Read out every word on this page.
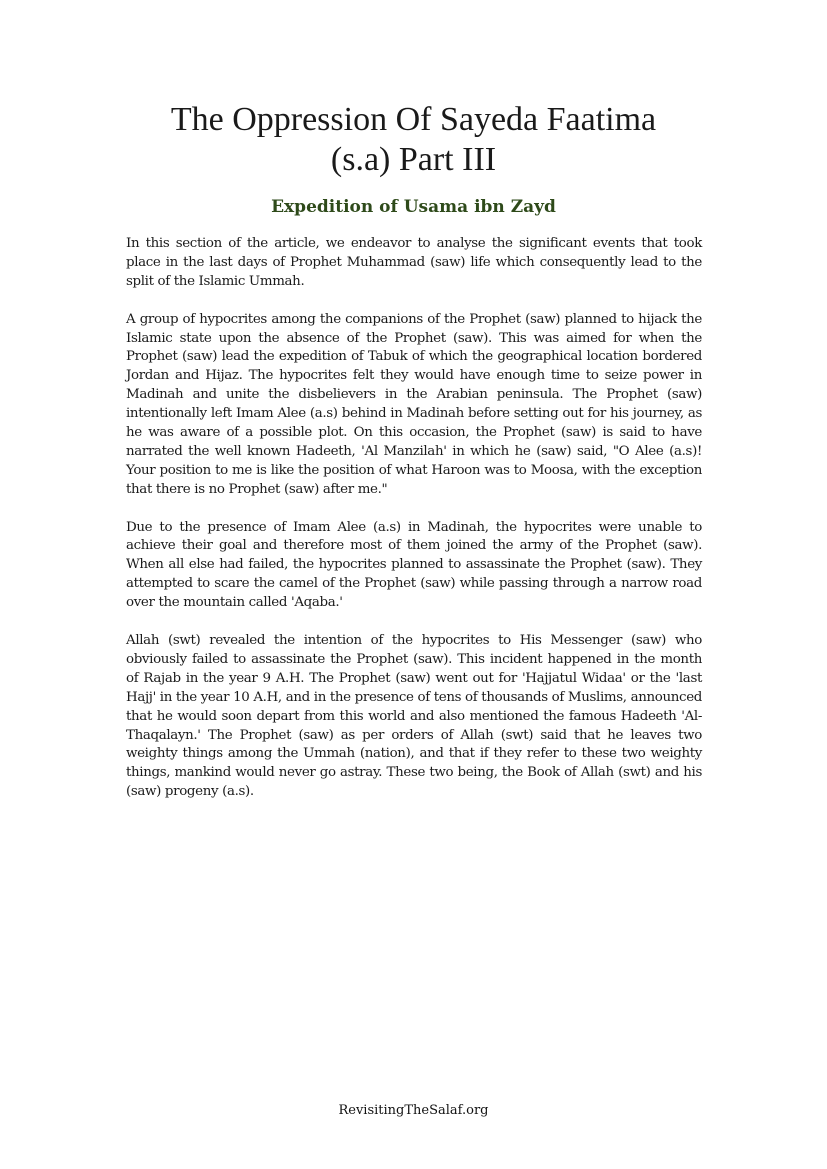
The Oppression Of Sayeda Faatima
(s.a) Part III
Expedition of Usama ibn Zayd

In this section of the article, we endeavor to analyse the significant events that took place in the last days of Prophet Muhammad (saw) life which consequently lead to the split of the Islamic Ummah.

A group of hypocrites among the companions of the Prophet (saw) planned to hijack the Islamic state upon the absence of the Prophet (saw). This was aimed for when the Prophet (saw) lead the expedition of Tabuk of which the geographical location bordered Jordan and Hijaz. The hypocrites felt they would have enough time to seize power in Madinah and unite the disbelievers in the Arabian peninsula. The Prophet (saw) intentionally left Imam Alee (a.s) behind in Madinah before setting out for his journey, as he was aware of a possible plot. On this occasion, the Prophet (saw) is said to have narrated the well known Hadeeth, 'Al Manzilah' in which he (saw) said, "O Alee (a.s)! Your position to me is like the position of what Haroon was to Moosa, with the exception that there is no Prophet (saw) after me."

Due to the presence of Imam Alee (a.s) in Madinah, the hypocrites were unable to achieve their goal and therefore most of them joined the army of the Prophet (saw). When all else had failed, the hypocrites planned to assassinate the Prophet (saw). They attempted to scare the camel of the Prophet (saw) while passing through a narrow road over the mountain called 'Aqaba.'

Allah (swt) revealed the intention of the hypocrites to His Messenger (saw) who obviously failed to assassinate the Prophet (saw). This incident happened in the month of Rajab in the year 9 A.H. The Prophet (saw) went out for 'Hajjatul Widaa' or the 'last Hajj' in the year 10 A.H, and in the presence of tens of thousands of Muslims, announced that he would soon depart from this world and also mentioned the famous Hadeeth 'Al-Thaqalayn.' The Prophet (saw) as per orders of Allah (swt) said that he leaves two weighty things among the Ummah (nation), and that if they refer to these two weighty things, mankind would never go astray. These two being, the Book of Allah (swt) and his (saw) progeny (a.s).

RevisitingTheSalaf.org
